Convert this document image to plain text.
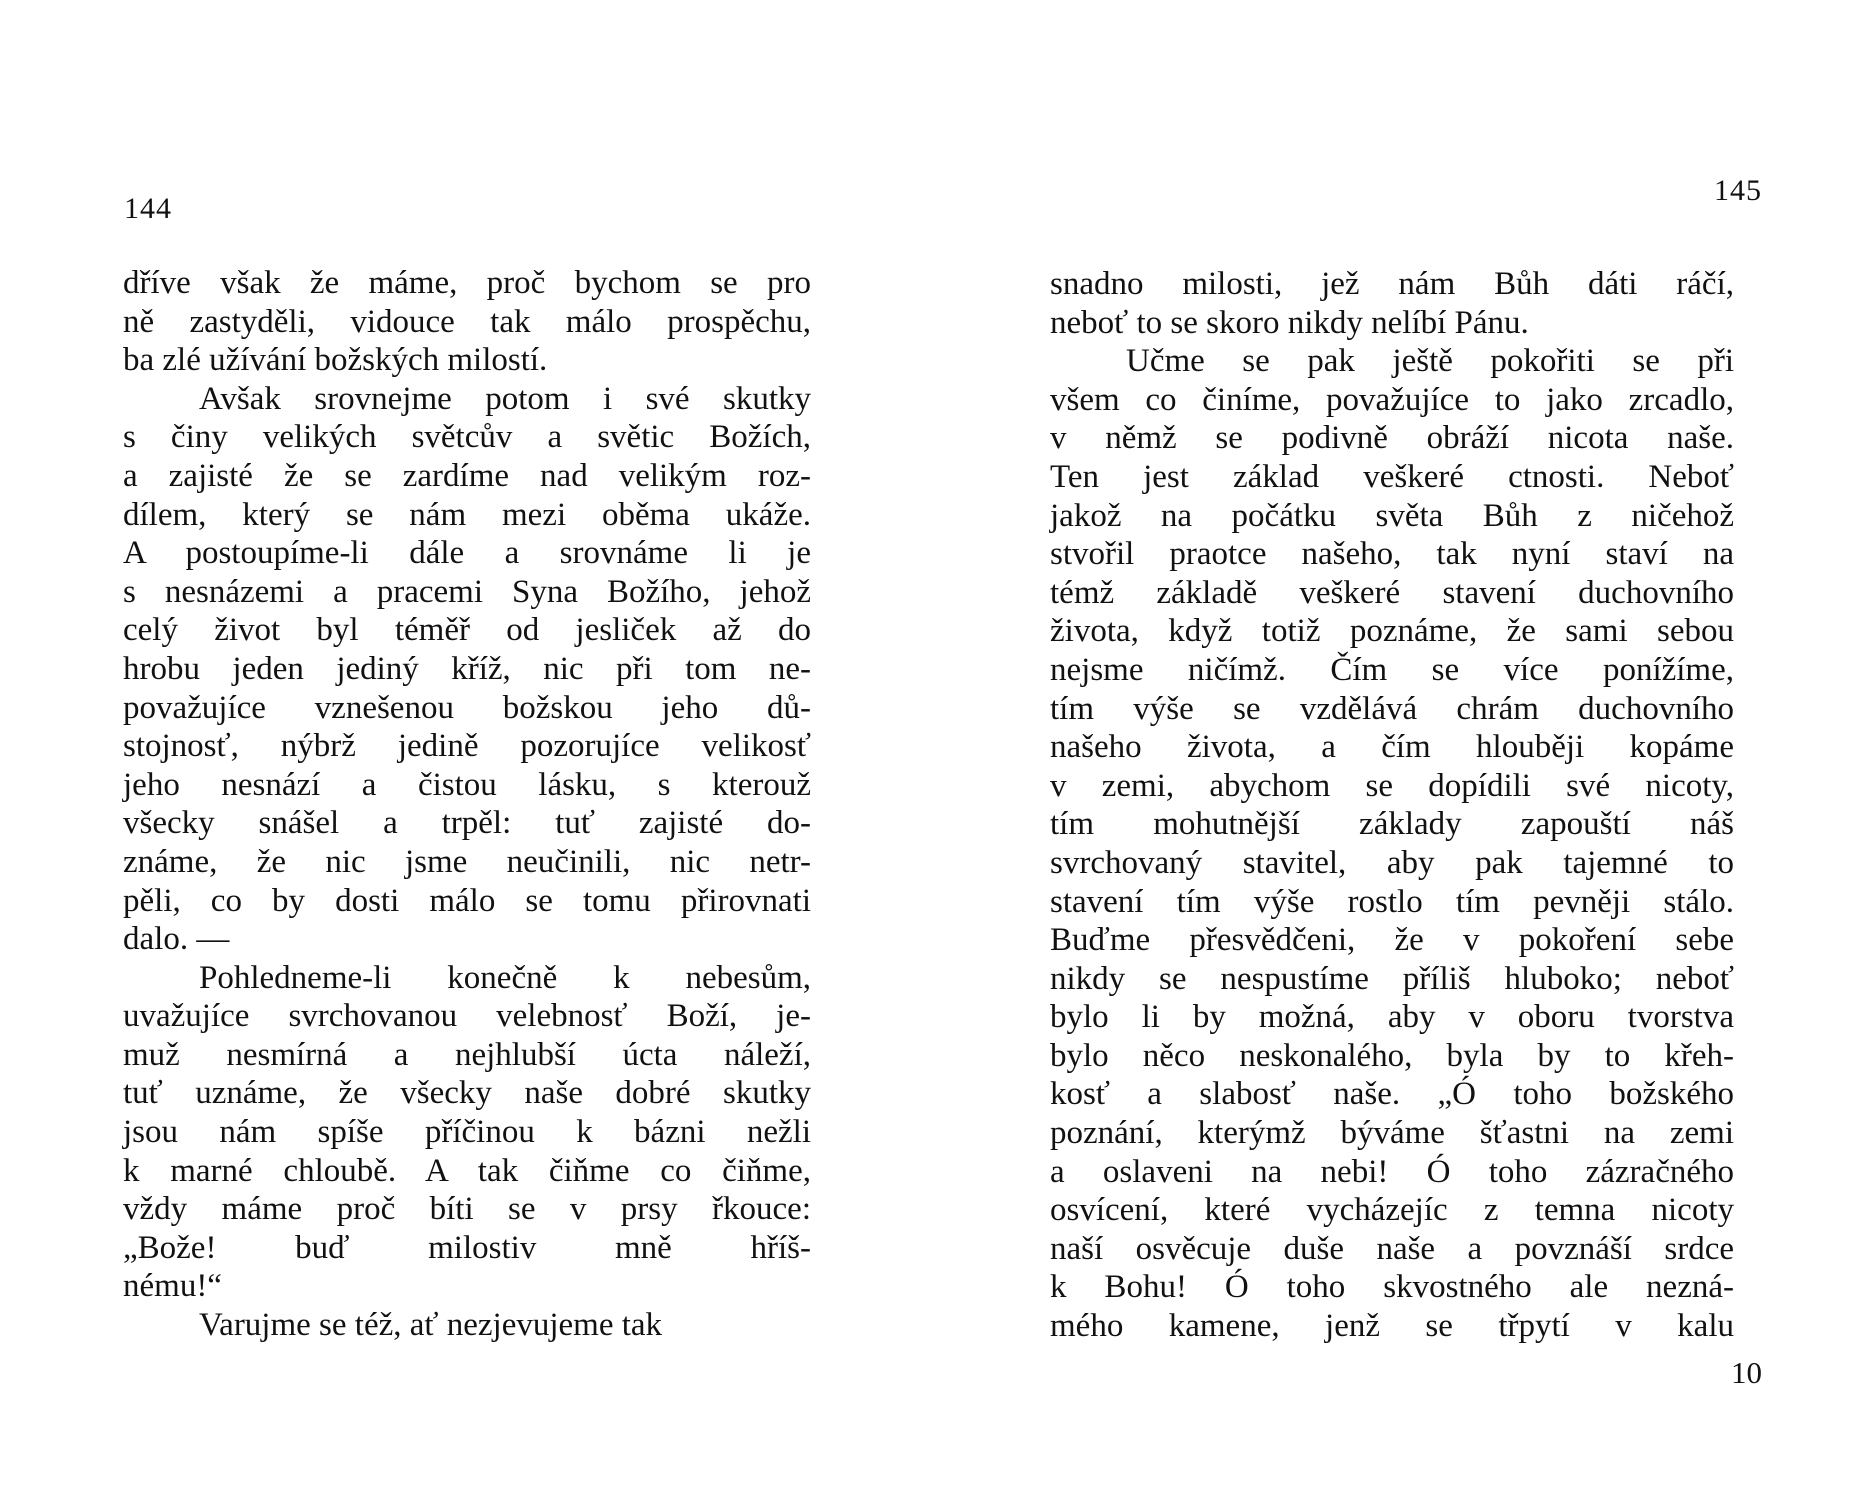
144
dříve však že máme, proč bychom se pro
ně zastyděli, vidouce tak málo prospěchu,
ba zlé užívání božských milostí.
Avšak srovnejme potom i své skutky
s činy velikých světcův a světic Božích,
a zajisté že se zardíme nad velikým roz-
dílem, který se nám mezi oběma ukáže.
A postoupíme-li dále a srovnáme li je
s nesnázemi a pracemi Syna Božího, jehož
celý život byl téměř od jesliček až do
hrobu jeden jediný kříž, nic při tom ne-
považujíce vznešenou božskou jeho dů-
stojnosť, nýbrž jedině pozorujíce velikosť
jeho nesnází a čistou lásku, s kterouž
všecky snášel a trpěl: tuť zajisté do-
známe, že nic jsme neučinili, nic netr-
pěli, co by dosti málo se tomu přirovnati
dalo. —
Pohledneme-li konečně k nebesům,
uvažujíce svrchovanou velebnosť Boží, je-
muž nesmírná a nejhlubší úcta náleží,
tuť uznáme, že všecky naše dobré skutky
jsou nám spíše příčinou k bázni nežli
k marné chloubě. A tak čiňme co čiňme,
vždy máme proč bíti se v prsy řkouce:
„Bože! buď milostiv mně hříš-
nému!“
Varujme se též, ať nezjevujeme tak
145
snadno milosti, jež nám Bůh dáti ráčí,
neboť to se skoro nikdy nelíbí Pánu.
Učme se pak ještě pokořiti se při
všem co činíme, považujíce to jako zrcadlo,
v němž se podivně obráží nicota naše.
Ten jest základ veškeré ctnosti. Neboť
jakož na počátku světa Bůh z ničehož
stvořil praotce našeho, tak nyní staví na
témž základě veškeré stavení duchovního
života, když totiž poznáme, že sami sebou
nejsme ničímž. Čím se více ponížíme,
tím výše se vzdělává chrám duchovního
našeho života, a čím hlouběji kopáme
v zemi, abychom se dopídili své nicoty,
tím mohutnější základy zapouští náš
svrchovaný stavitel, aby pak tajemné to
stavení tím výše rostlo tím pevněji stálo.
Buďme přesvědčeni, že v pokoření sebe
nikdy se nespustíme příliš hluboko; neboť
bylo li by možná, aby v oboru tvorstva
bylo něco neskonalého, byla by to křeh-
kosť a slabosť naše. „Ó toho božského
poznání, kterýmž býváme šťastni na zemi
a oslaveni na nebi! Ó toho zázračného
osvícení, které vycházejíc z temna nicoty
naší osvěcuje duše naše a povznáší srdce
k Bohu! Ó toho skvostného ale nezná-
mého kamene, jenž se třpytí v kalu
10
